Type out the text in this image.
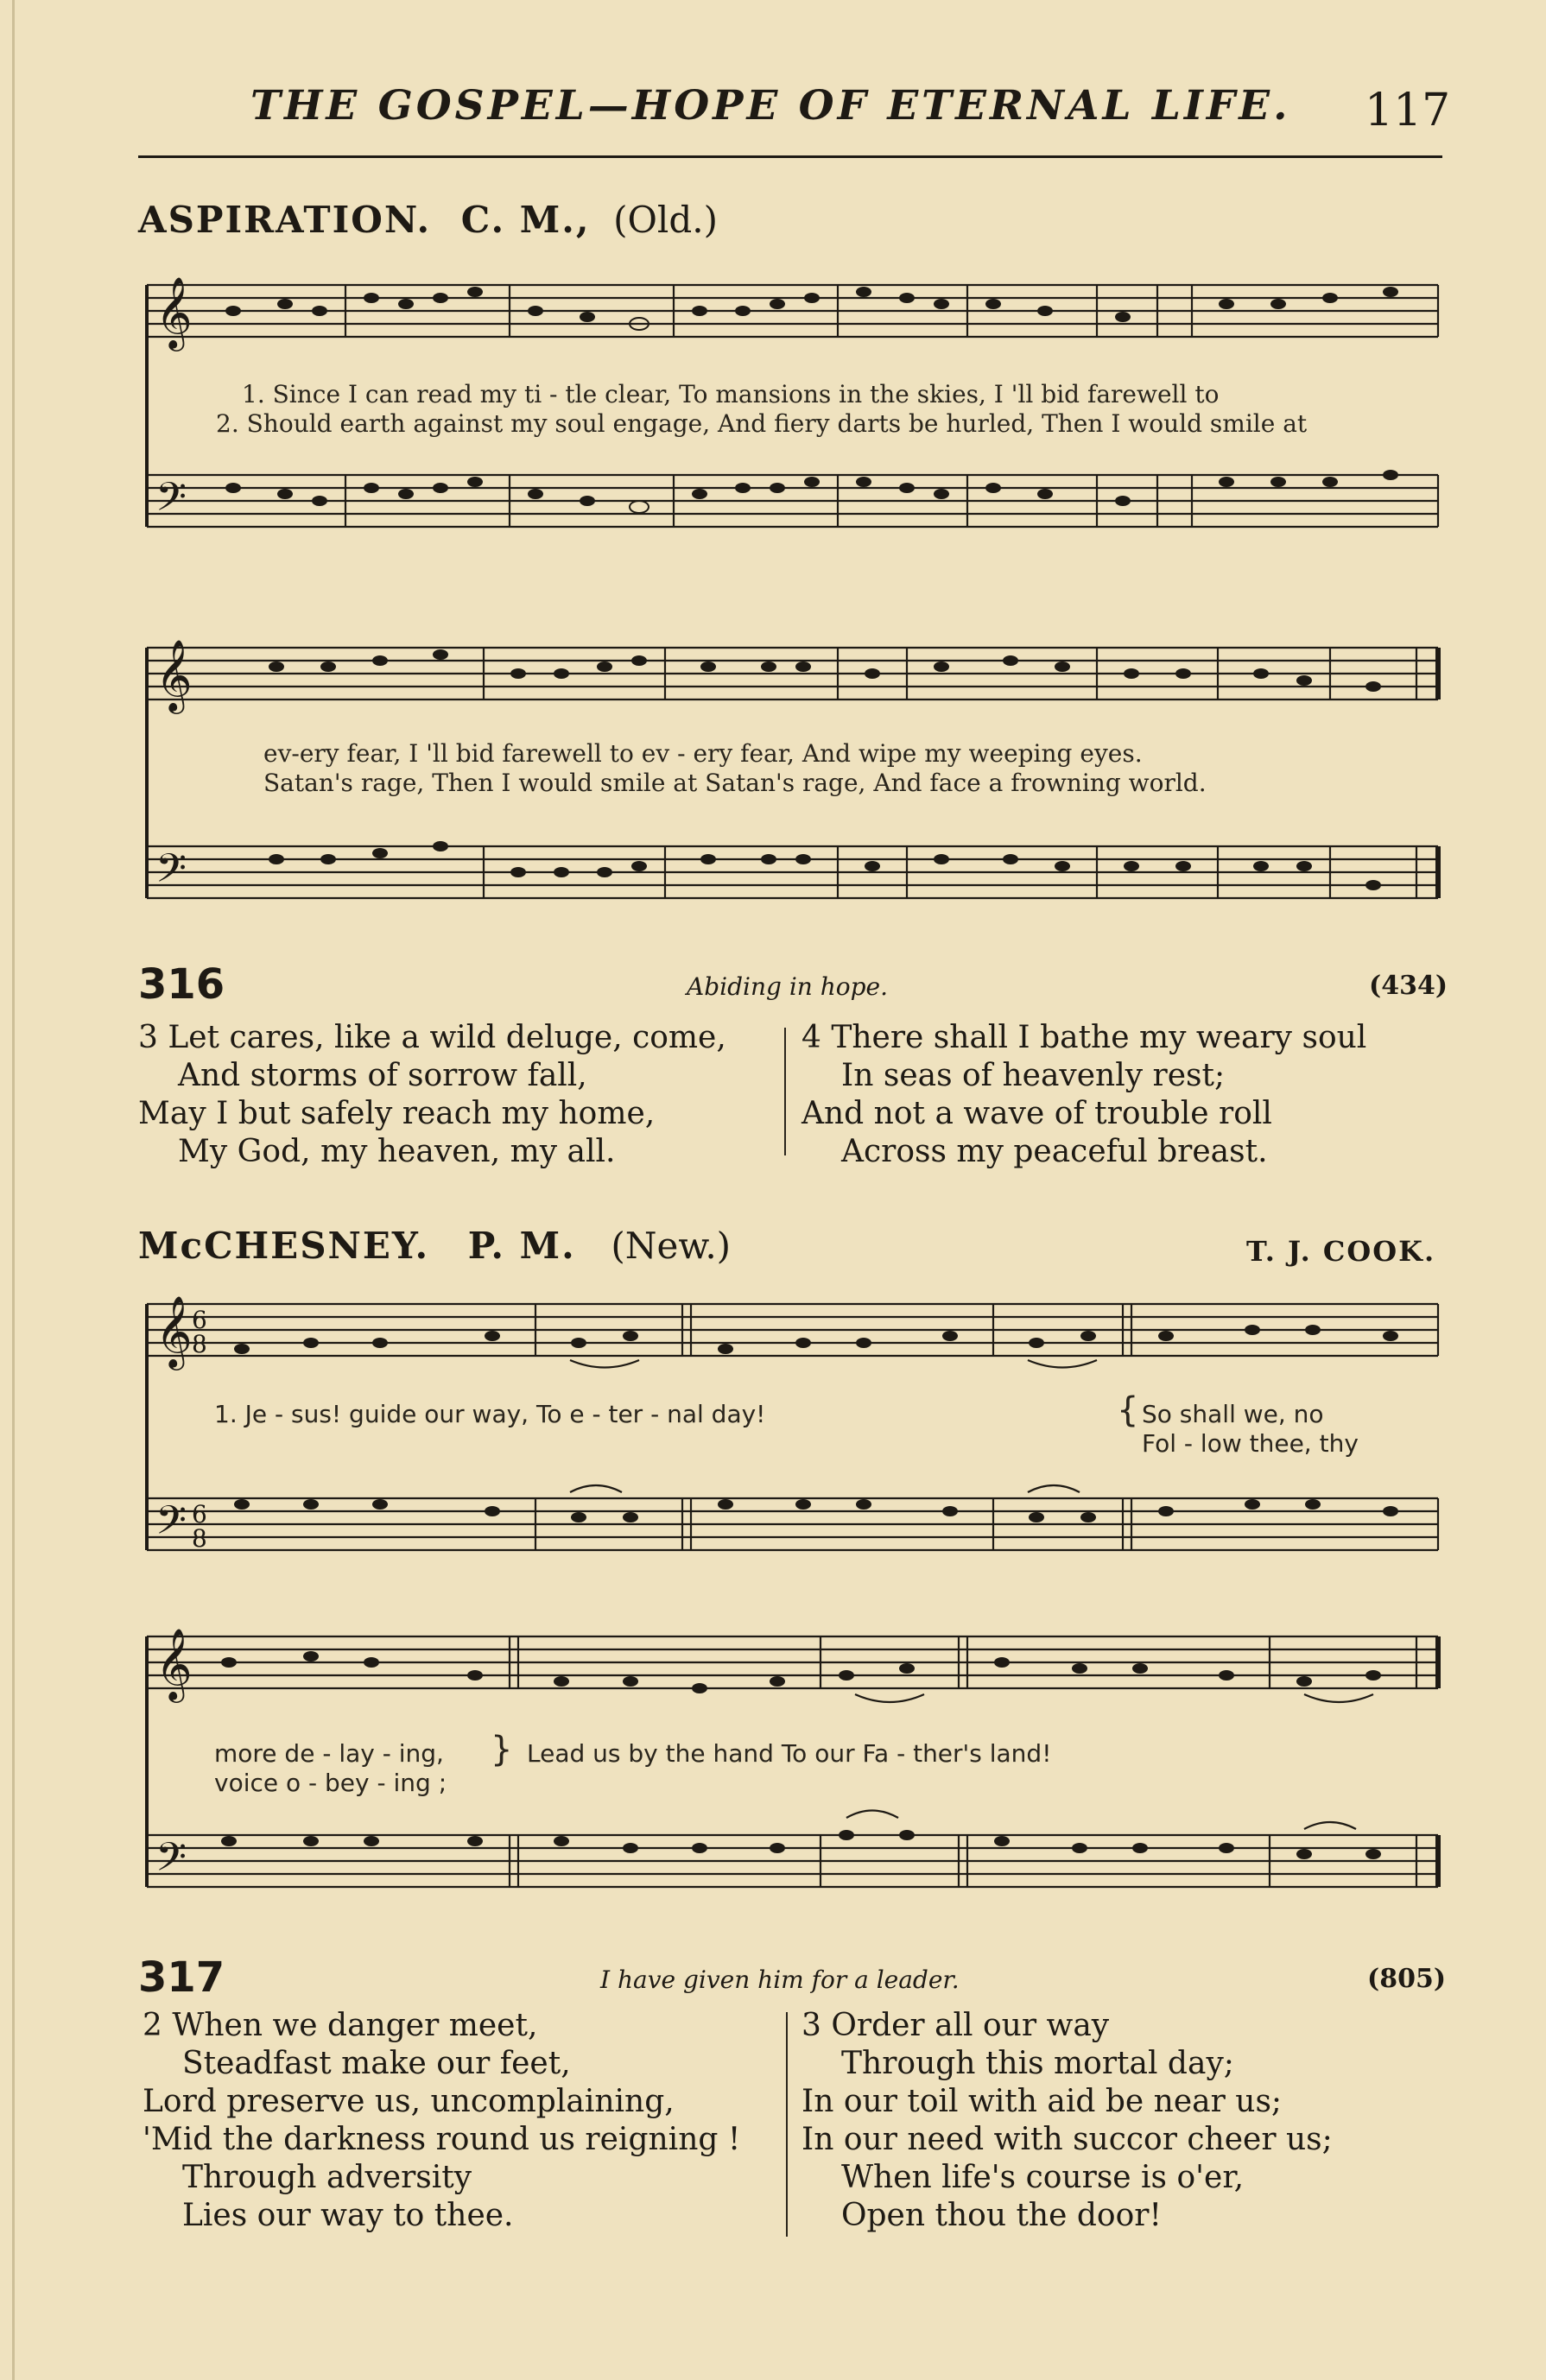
THE GOSPEL—HOPE OF ETERNAL LIFE.	117
ASPIRATION. C. M., (Old.)
𝄞
𝄢
1. Since I can read my ti - tle clear, To mansions in the skies, I 'll bid farewell to
2. Should earth against my soul engage, And fiery darts be hurled, Then I would smile at
𝄞
𝄢
ev-ery fear, I 'll bid farewell to ev - ery fear, And wipe my weeping eyes.
Satan's rage, Then I would smile at Satan's rage, And face a frowning world.
316	Abiding in hope.	(434)
3 Let cares, like a wild deluge, come,
And storms of sorrow fall,
May I but safely reach my home,
My God, my heaven, my all.
4 There shall I bathe my weary soul
In seas of heavenly rest;
And not a wave of trouble roll
Across my peaceful breast.
McCHESNEY. P. M. (New.)	T. J. COOK.
𝄞 6
8
𝄢 6
8
1. Je - sus! guide our way, To e - ter - nal day!	{ So shall we, no
Fol - low thee, thy
𝄞
𝄢
more de - lay - ing,
voice o - bey - ing ;
} Lead us by the hand To our Fa - ther's land!
317	I have given him for a leader.	(805)
2 When we danger meet,
Steadfast make our feet,
Lord preserve us, uncomplaining,
'Mid the darkness round us reigning !
Through adversity
Lies our way to thee.
3 Order all our way
Through this mortal day;
In our toil with aid be near us;
In our need with succor cheer us;
When life's course is o'er,
Open thou the door!
